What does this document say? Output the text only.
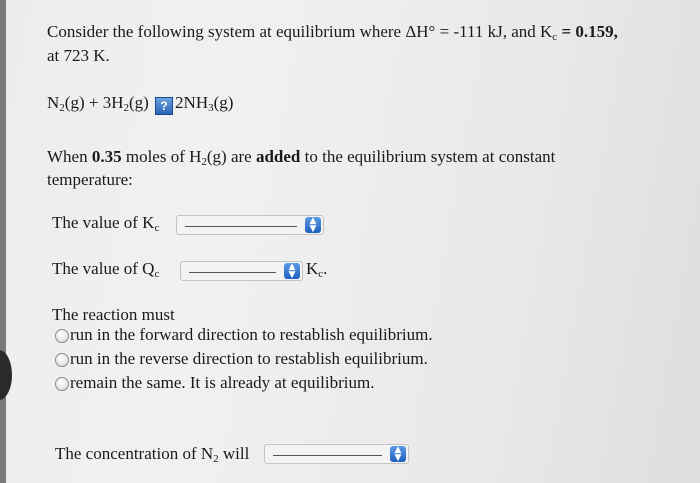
Consider the following system at equilibrium where ΔH° = -111 kJ, and $K_c = 0.159$,
at 723 K.
$N_2(g) + 3H_2(g)$ ? $2NH_3(g)$
When 0.35 moles of $H_2(g)$ are added to the equilibrium system at constant
temperature:
The value of $K_c$
▲
▼
The value of $Q_c$
▲
▼ $K_c$.
The reaction must
run in the forward direction to restablish equilibrium.
run in the reverse direction to restablish equilibrium.
remain the same. It is already at equilibrium.
The concentration of $N_2$ will	▲
▼
